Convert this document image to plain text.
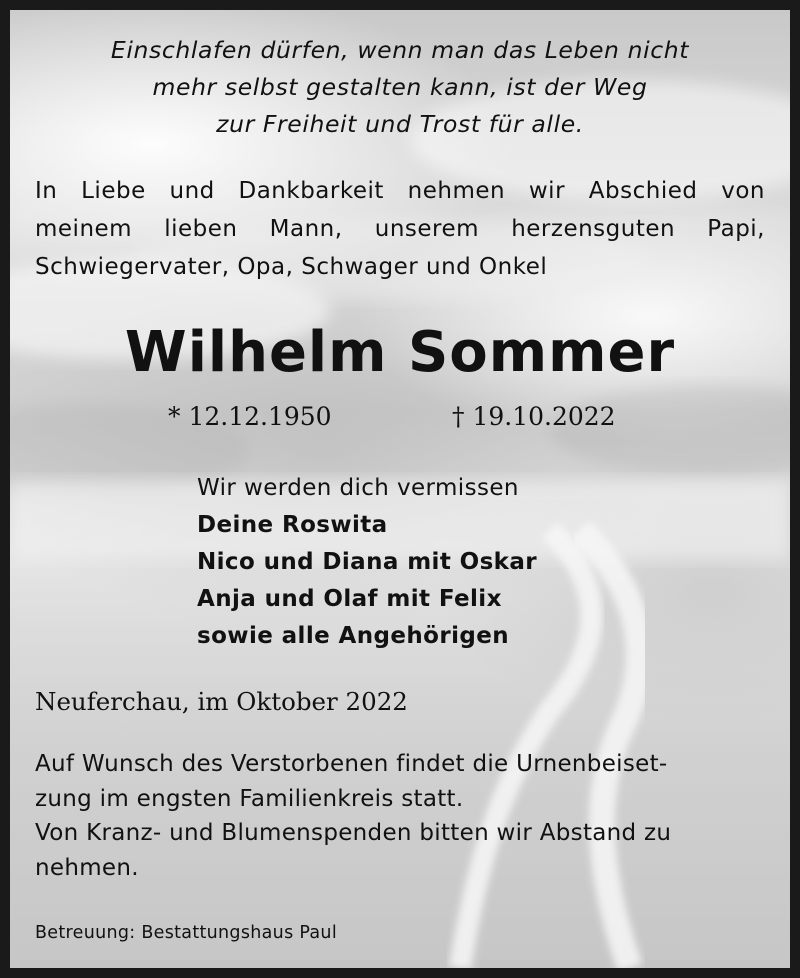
Einschlafen dürfen, wenn man das Leben nicht
mehr selbst gestalten kann, ist der Weg
zur Freiheit und Trost für alle.

In Liebe und Dankbarkeit nehmen wir Abschied von
meinem lieben Mann, unserem herzensguten Papi,
Schwiegervater, Opa, Schwager und Onkel

Wilhelm Sommer
* 12.12.1950	† 19.10.2022
Wir werden dich vermissen
Deine Roswita
Nico und Diana mit Oskar
Anja und Olaf mit Felix
sowie alle Angehörigen
Neuferchau, im Oktober 2022
Auf Wunsch des Verstorbenen findet die Urnenbeiset-
zung im engsten Familienkreis statt.
Von Kranz- und Blumenspenden bitten wir Abstand zu
nehmen.
Betreuung: Bestattungshaus Paul
